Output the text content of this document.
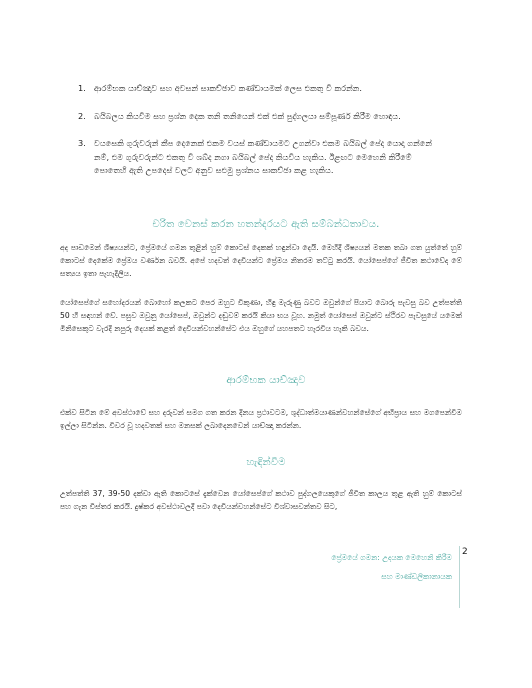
1. ආරම්භක යාච්ඤාව සහ අවසන් සාකච්ඡාව කණ්ඩායමක් ලෙස එකතු වී කරන්න.
2. බයිබලය කියවීම සහ ප්‍රශ්න දෙක තනි තනියෙන් එක් එක් පුද්ගලයා සම්පූර්ණ කිරීම හොඳය.
3. වයසෙකි ගුරුවරුන් කීප දෙනෙක් එකම වයස් කණ්ඩායමට උගන්වා එකම බයිබල් පේද යොදා ගන්නේ නම්, එම ගුරුවරුන්ට එකතු වී ශබ්ද නගා බයිබල් පේද කියවිය හැකිය. ඊළඟට මෙහෙනි කිරීමේ පොතෙහි ඇති උපදෙස් වලට අනුව සළුමු ප්‍රශ්නය සාකච්ඡා කළ හැකිය.
චරිත වෙනස් කරන හතන්දරයට ඇති සම්බන්ධතාවය.

අද පාඩමෙන් ශිෂ්‍යයන්ට, ප්‍රේමයේ ගමන තුළින් හුම් කොටස් දෙකක් හඳුන්වා දෙයි. මෙහිදී ශිෂ්‍යයන් මතක තබා ගත යුත්තේ හුම් කොටස් දෙකේම ප්‍රේමය වර්ණන බවයි. අපේ හදවත් දෙවියන්ට ප්‍රේමය නිතරම තට්ටු කරයි. යෝසෙප්ගේ ජීවිත කථාවේද මේ සත්‍යය ඉතා පැහැදිලිය.

යෝසෙප්ගේ සහෝදරයන් බොහෝ කලකට පෙර ඔහුට විකුණා, හිඳු මැරුණු බවට ඔවුන්ගේ පියාට බොරු පැවසු බව උත්පත්ති 50 හි සඳහන් වේ. පසුව ඔවුනු යෝසෙප්, ඔවුන්ට දඬුවම් කරයි කියා භය වූහ. නමුත් යෝසෙප් ඔවුන්ට ස්ථිරව පැවසුයේ යමෙක් මිනිසෙකුට වැරදි නපුරු දෙයක් කළත් දෙවියන්වහන්සේට එය ඔහුගේ යහපතට හැරවිය හැකි බවය.

ආරම්භක යාච්ඤාව

එක්ව සිටින මේ අවස්ථාවේ සහ දරුවන් සමග ගත කරන දිනය ප්‍රථාවටම, ශුද්ධාත්මයාණන්වහන්සේගේ අභිප්‍රාය සහ මගපෙන්වීම ඉල්ලා සිටින්න. විවර වූ හදවතක් සහ මනසක් ලබාදෙනවෙන් යාච්ඤා කරන්න.

හැඳින්වීම

උත්පත්ති 37, 39-50 දක්වා ඇති කොටසේ දැක්වෙන යෝසෙප්ගේ කථාව පුද්ගලයෙකුගේ ජීවිත කාලය තුළ ඇති හුම් කොටස් පහ ගැන විස්තර කරයි. දුෂ්කර අවස්ථාවලදී පවා දෙවියන්වහන්සේට විශ්වාසවන්තව සිට,

ප්‍රේමයේ ගමන: උදයක මෙහෙනි කිරීම
සහ මාණ්ඩලිකානායක
2
